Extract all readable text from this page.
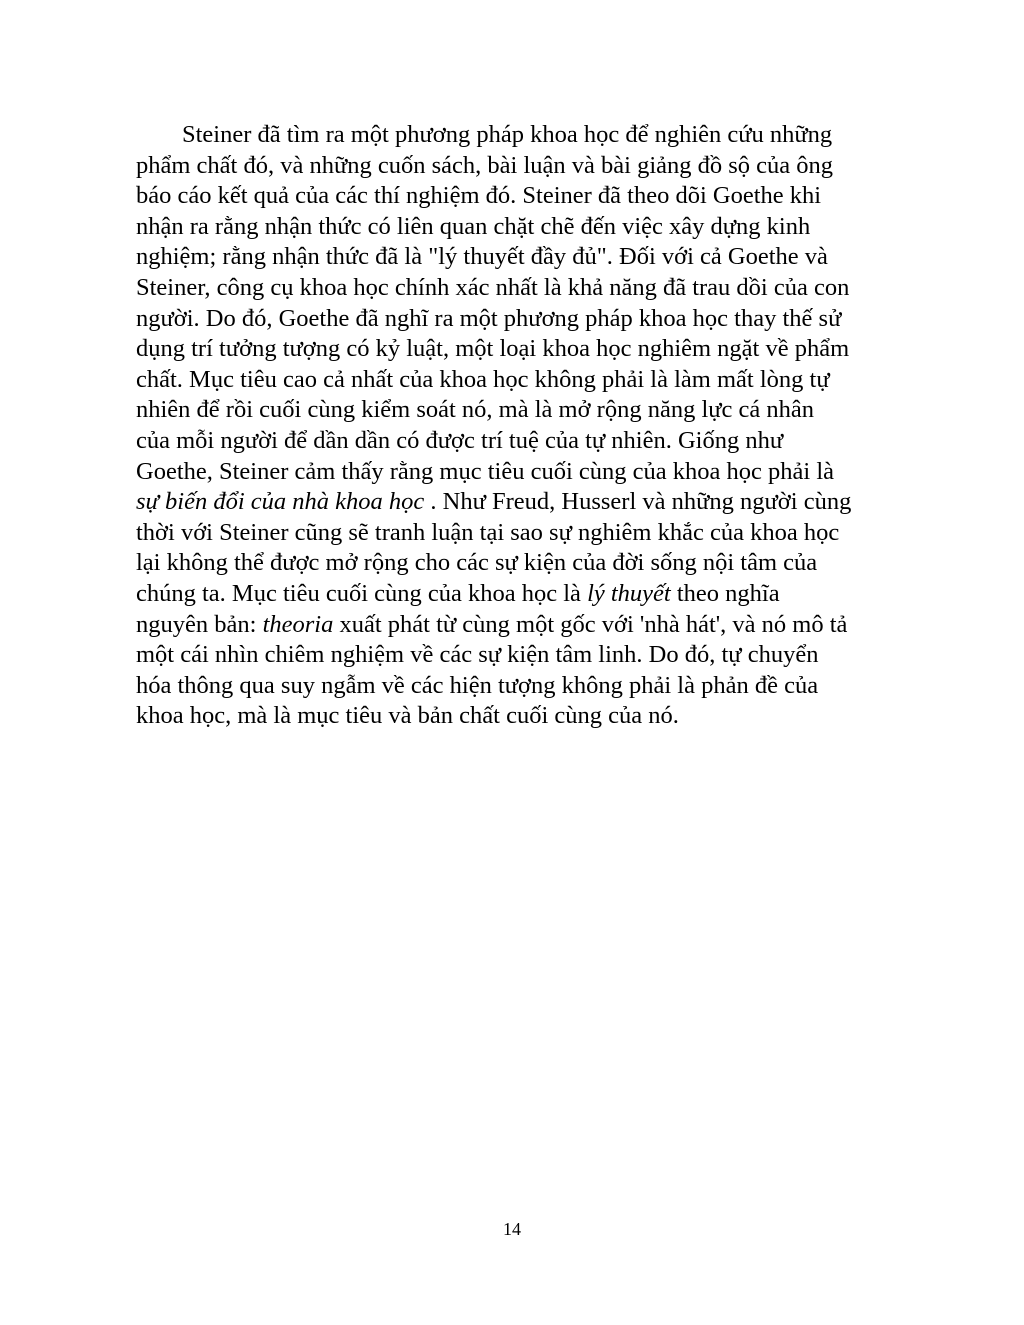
Steiner đã tìm ra một phương pháp khoa học để nghiên cứu những
phẩm chất đó, và những cuốn sách, bài luận và bài giảng đồ sộ của ông
báo cáo kết quả của các thí nghiệm đó. Steiner đã theo dõi Goethe khi
nhận ra rằng nhận thức có liên quan chặt chẽ đến việc xây dựng kinh
nghiệm; rằng nhận thức đã là "lý thuyết đầy đủ". Đối với cả Goethe và
Steiner, công cụ khoa học chính xác nhất là khả năng đã trau dồi của con
người. Do đó, Goethe đã nghĩ ra một phương pháp khoa học thay thế sử
dụng trí tưởng tượng có kỷ luật, một loại khoa học nghiêm ngặt về phẩm
chất. Mục tiêu cao cả nhất của khoa học không phải là làm mất lòng tự
nhiên để rồi cuối cùng kiểm soát nó, mà là mở rộng năng lực cá nhân
của mỗi người để dần dần có được trí tuệ của tự nhiên. Giống như
Goethe, Steiner cảm thấy rằng mục tiêu cuối cùng của khoa học phải là
sự biến đổi của nhà khoa học . Như Freud, Husserl và những người cùng
thời với Steiner cũng sẽ tranh luận tại sao sự nghiêm khắc của khoa học
lại không thể được mở rộng cho các sự kiện của đời sống nội tâm của
chúng ta. Mục tiêu cuối cùng của khoa học là lý thuyết theo nghĩa
nguyên bản: theoria xuất phát từ cùng một gốc với 'nhà hát', và nó mô tả
một cái nhìn chiêm nghiệm về các sự kiện tâm linh. Do đó, tự chuyển
hóa thông qua suy ngẫm về các hiện tượng không phải là phản đề của
khoa học, mà là mục tiêu và bản chất cuối cùng của nó.
14
